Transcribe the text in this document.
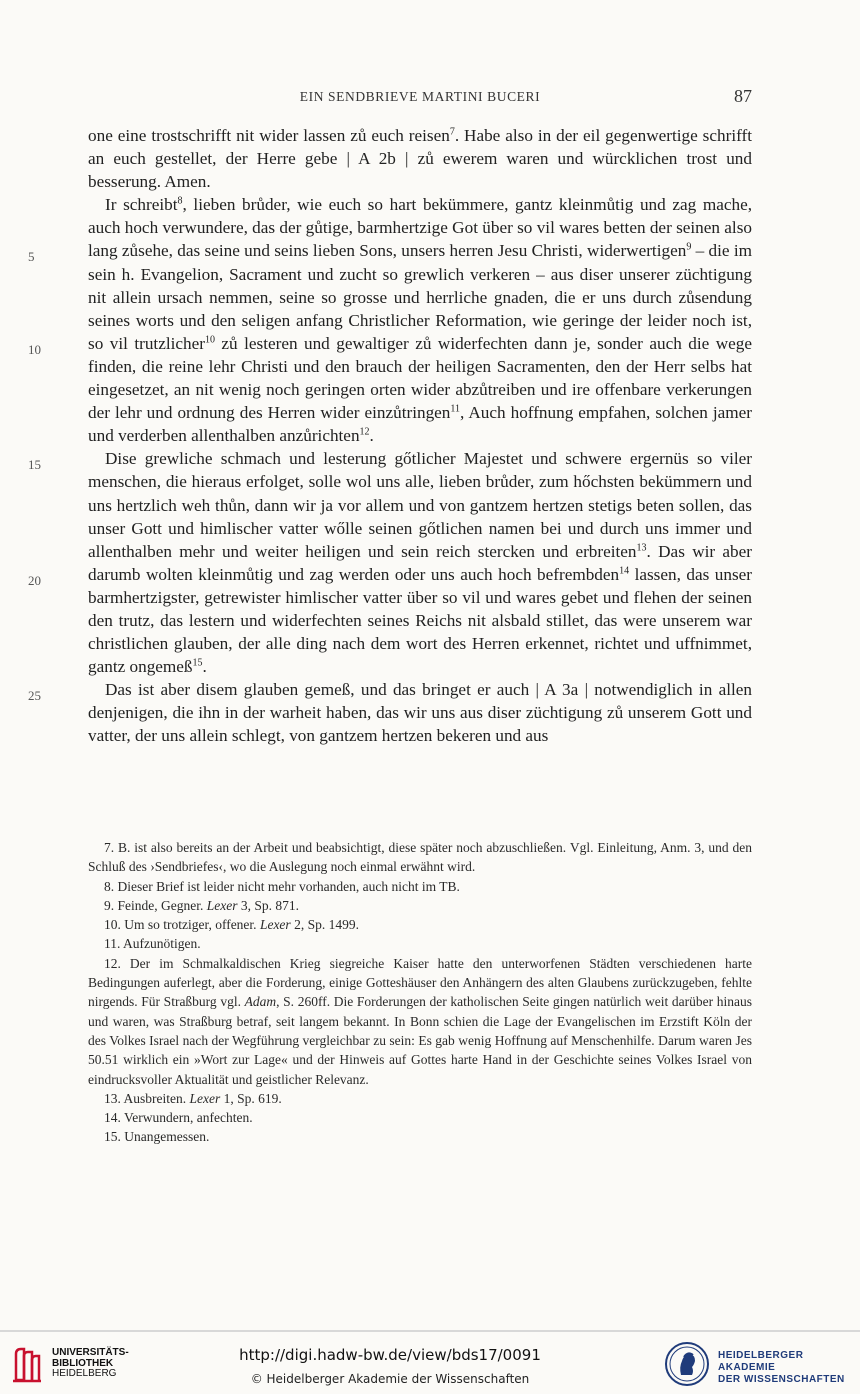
EIN SENDBRIEVE MARTINI BUCERI	87
5
10
15
20
25

one eine trostschrifft nit wider lassen zů euch reisen$^7$. Habe also in der eil gegenwertige schrifft an euch gestellet, der Herre gebe | A 2b | zů ewerem waren und würcklichen trost und besserung. Amen.

Ir schreibt$^8$, lieben brůder, wie euch so hart bekümmere, gantz kleinmůtig und zag mache, auch hoch verwundere, das der gůtige, barmhertzige Got über so vil wares betten der seinen also lang zůsehe, das seine und seins lieben Sons, unsers herren Jesu Christi, widerwertigen$^9$ – die im sein h. Evangelion, Sacrament und zucht so grewlich verkeren – aus diser unserer züchtigung nit allein ursach nemmen, seine so grosse und herrliche gnaden, die er uns durch zůsendung seines worts und den seligen anfang Christlicher Reformation, wie geringe der leider noch ist, so vil trutzlicher$^{10}$ zů lesteren und gewaltiger zů widerfechten dann je, sonder auch die wege finden, die reine lehr Christi und den brauch der heiligen Sacramenten, den der Herr selbs hat eingesetzet, an nit wenig noch geringen orten wider abzůtreiben und ire offenbare verkerungen der lehr und ordnung des Herren wider einzůtringen$^{11}$, Auch hoffnung empfahen, solchen jamer und verderben allenthalben anzůrichten$^{12}$.

Dise grewliche schmach und lesterung gőtlicher Majestet und schwere ergernüs so viler menschen, die hieraus erfolget, solle wol uns alle, lieben brůder, zum hőchsten bekümmern und uns hertzlich weh thůn, dann wir ja vor allem und von gantzem hertzen stetigs beten sollen, das unser Gott und himlischer vatter wőlle seinen gőtlichen namen bei und durch uns immer und allenthalben mehr und weiter heiligen und sein reich stercken und erbreiten$^{13}$. Das wir aber darumb wolten kleinmůtig und zag werden oder uns auch hoch befrembden$^{14}$ lassen, das unser barmhertzigster, getrewister himlischer vatter über so vil und wares gebet und flehen der seinen den trutz, das lestern und widerfechten seines Reichs nit alsbald stillet, das were unserem war christlichen glauben, der alle ding nach dem wort des Herren erkennet, richtet und uffnimmet, gantz ongemeß$^{15}$.

Das ist aber disem glauben gemeß, und das bringet er auch | A 3a | notwendiglich in allen denjenigen, die ihn in der warheit haben, das wir uns aus diser züchtigung zů unserem Gott und vatter, der uns allein schlegt, von gantzem hertzen bekeren und aus

7. B. ist also bereits an der Arbeit und beabsichtigt, diese später noch abzuschließen. Vgl. Einleitung, Anm. 3, und den Schluß des ›Sendbriefes‹, wo die Auslegung noch einmal erwähnt wird.

8. Dieser Brief ist leider nicht mehr vorhanden, auch nicht im TB.

9. Feinde, Gegner. Lexer 3, Sp. 871.

10. Um so trotziger, offener. Lexer 2, Sp. 1499.

11. Aufzunötigen.

12. Der im Schmalkaldischen Krieg siegreiche Kaiser hatte den unterworfenen Städten verschiedenen harte Bedingungen auferlegt, aber die Forderung, einige Gotteshäuser den Anhängern des alten Glaubens zurückzugeben, fehlte nirgends. Für Straßburg vgl. Adam, S. 260ff. Die Forderungen der katholischen Seite gingen natürlich weit darüber hinaus und waren, was Straßburg betraf, seit langem bekannt. In Bonn schien die Lage der Evangelischen im Erzstift Köln der des Volkes Israel nach der Wegführung vergleichbar zu sein: Es gab wenig Hoffnung auf Menschenhilfe. Darum waren Jes 50.51 wirklich ein »Wort zur Lage« und der Hinweis auf Gottes harte Hand in der Geschichte seines Volkes Israel von eindrucksvoller Aktualität und geistlicher Relevanz.

13. Ausbreiten. Lexer 1, Sp. 619.

14. Verwundern, anfechten.

15. Unangemessen.

UNIVERSITÄTS-
BIBLIOTHEK
HEIDELBERG
http://digi.hadw-bw.de/view/bds17/0091
© Heidelberger Akademie der Wissenschaften
HEIDELBERGER AKADEMIE
DER WISSENSCHAFTEN
